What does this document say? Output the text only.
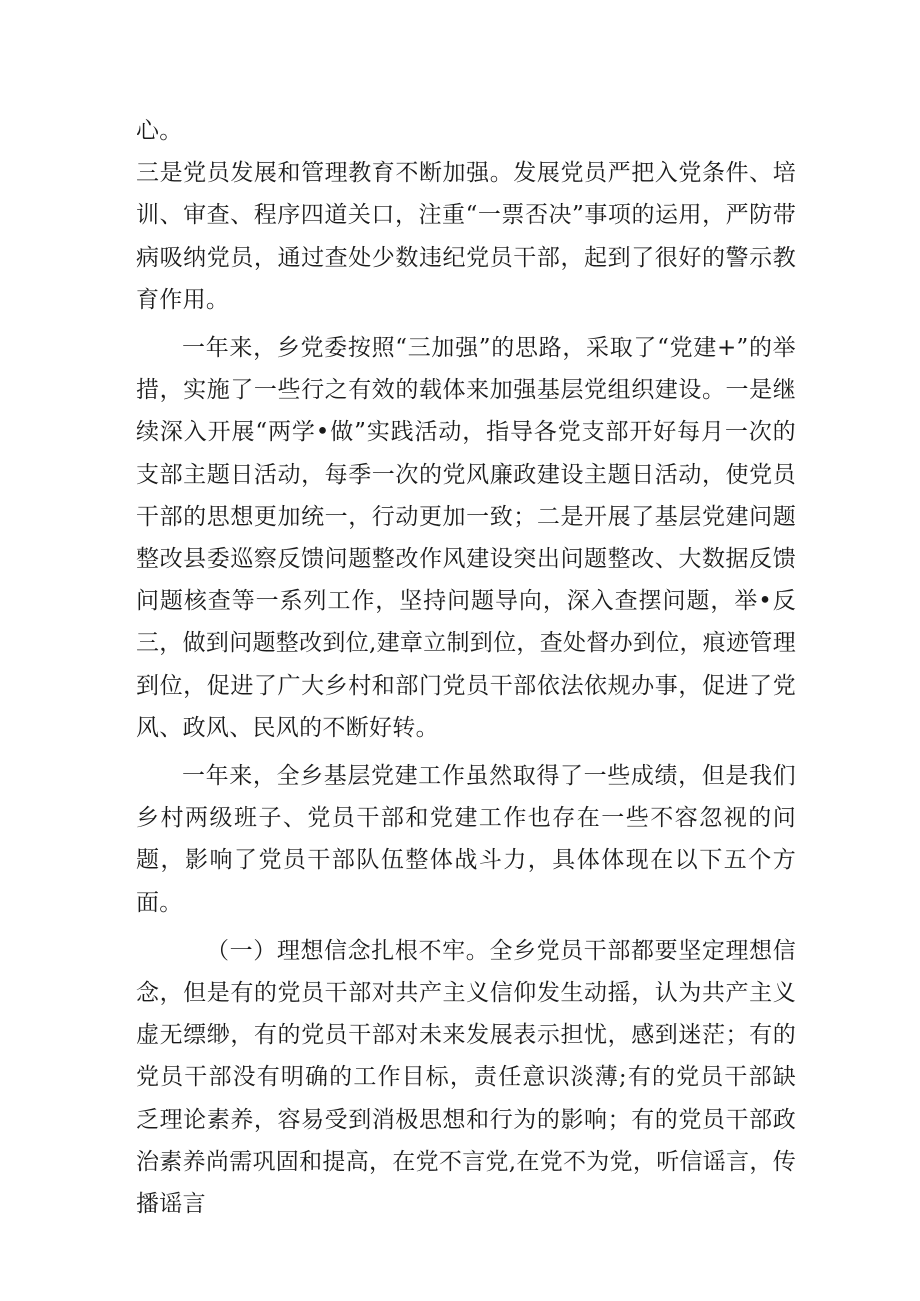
心。

三是党员发展和管理教育不断加强。发展党员严把入党条件、培训、审查、程序四道关口，注重“一票否决”事项的运用，严防带病吸纳党员，通过查处少数违纪党员干部，起到了很好的警示教育作用。

一年来，乡党委按照“三加强”的思路，采取了“党建+”的举措，实施了一些行之有效的载体来加强基层党组织建设。一是继续深入开展“两学•做”实践活动，指导各党支部开好每月一次的支部主题日活动，每季一次的党风廉政建设主题日活动，使党员干部的思想更加统一，行动更加一致；二是开展了基层党建问题整改县委巡察反馈问题整改作风建设突出问题整改、大数据反馈问题核查等一系列工作，坚持问题导向，深入查摆问题，举•反三，做到问题整改到位,建章立制到位，查处督办到位，痕迹管理到位，促进了广大乡村和部门党员干部依法依规办事，促进了党风、政风、民风的不断好转。

一年来，全乡基层党建工作虽然取得了一些成绩，但是我们乡村两级班子、党员干部和党建工作也存在一些不容忽视的问题，影响了党员干部队伍整体战斗力，具体体现在以下五个方面。

（一）理想信念扎根不牢。全乡党员干部都要坚定理想信念，但是有的党员干部对共产主义信仰发生动摇，认为共产主义虚无缥缈，有的党员干部对未来发展表示担忧，感到迷茫；有的党员干部没有明确的工作目标，责任意识淡薄;有的党员干部缺乏理论素养，容易受到消极思想和行为的影响；有的党员干部政治素养尚需巩固和提高，在党不言党,在党不为党，听信谣言，传播谣言
